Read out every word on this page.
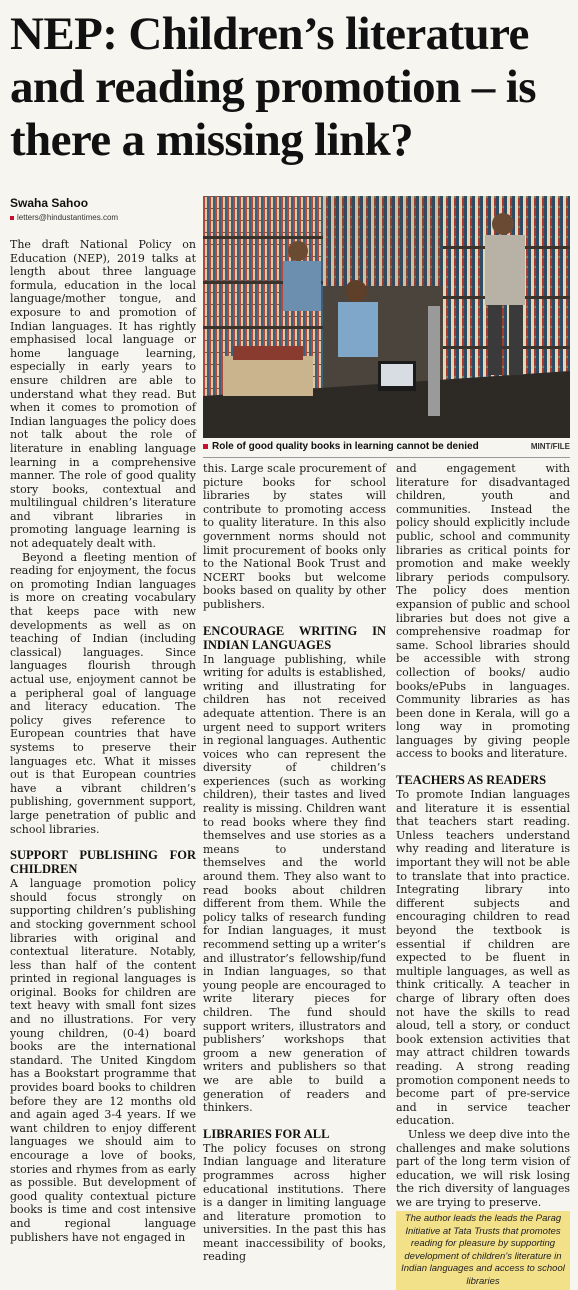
NEP: Children’s literature and reading promotion – is there a missing link?
Swaha Sahoo
letters@hindustantimes.com
Role of good quality books in learning cannot be denied	MINT/FILE

The draft National Policy on Education (NEP), 2019 talks at length about three language formula, education in the local language/mother tongue, and exposure to and promotion of Indian languages. It has rightly emphasised local language or home language learning, especially in early years to ensure children are able to understand what they read. But when it comes to promotion of Indian languages the policy does not talk about the role of literature in enabling language learning in a comprehensive manner. The role of good quality story books, contextual and multilingual children’s literature and vibrant libraries in promoting language learning is not adequately dealt with.

Beyond a fleeting mention of reading for enjoyment, the focus on promoting Indian languages is more on creating vocabulary that keeps pace with new developments as well as on teaching of Indian (including classical) languages. Since languages flourish through actual use, enjoyment cannot be a peripheral goal of language and literacy education. The policy gives reference to European countries that have systems to preserve their languages etc. What it misses out is that European countries have a vibrant children’s publishing, government support, large penetration of public and school libraries.

SUPPORT PUBLISHING FOR CHILDREN

A language promotion policy should focus strongly on supporting children’s publishing and stocking government school libraries with original and contextual literature. Notably, less than half of the content printed in regional languages is original. Books for children are text heavy with small font sizes and no illustrations. For very young children, (0-4) board books are the international standard. The United Kingdom has a Bookstart programme that provides board books to children before they are 12 months old and again aged 3-4 years. If we want children to enjoy different languages we should aim to encourage a love of books, stories and rhymes from as early as possible. But development of good quality contextual picture books is time and cost intensive and regional language publishers have not engaged in

this. Large scale procurement of picture books for school libraries by states will contribute to promoting access to quality literature. In this also government norms should not limit procurement of books only to the National Book Trust and NCERT books but welcome books based on quality by other publishers.

ENCOURAGE WRITING IN INDIAN LANGUAGES

In language publishing, while writing for adults is established, writing and illustrating for children has not received adequate attention. There is an urgent need to support writers in regional languages. Authentic voices who can represent the diversity of children’s experiences (such as working children), their tastes and lived reality is missing. Children want to read books where they find themselves and use stories as a means to understand themselves and the world around them. They also want to read books about children different from them. While the policy talks of research funding for Indian languages, it must recommend setting up a writer’s and illustrator’s fellowship/fund in Indian languages, so that young people are encouraged to write literary pieces for children. The fund should support writers, illustrators and publishers’ workshops that groom a new generation of writers and publishers so that we are able to build a generation of readers and thinkers.

LIBRARIES FOR ALL

The policy focuses on strong Indian language and literature programmes across higher educational institutions. There is a danger in limiting language and literature promotion to universities. In the past this has meant inaccessibility of books, reading

and engagement with literature for disadvantaged children, youth and communities. Instead the policy should explicitly include public, school and community libraries as critical points for promotion and make weekly library periods compulsory. The policy does mention expansion of public and school libraries but does not give a comprehensive roadmap for same. School libraries should be accessible with strong collection of books/ audio books/ePubs in languages. Community libraries as has been done in Kerala, will go a long way in promoting languages by giving people access to books and literature.

TEACHERS AS READERS

To promote Indian languages and literature it is essential that teachers start reading. Unless teachers understand why reading and literature is important they will not be able to translate that into practice. Integrating library into different subjects and encouraging children to read beyond the textbook is essential if children are expected to be fluent in multiple languages, as well as think critically. A teacher in charge of library often does not have the skills to read aloud, tell a story, or conduct book extension activities that may attract children towards reading. A strong reading promotion component needs to become part of pre-service and in service teacher education.

Unless we deep dive into the challenges and make solutions part of the long term vision of education, we will risk losing the rich diversity of languages we are trying to preserve.

The author leads the leads the Parag Initiative at Tata Trusts that promotes reading for pleasure by supporting development of children’s literature in Indian languages and access to school libraries
